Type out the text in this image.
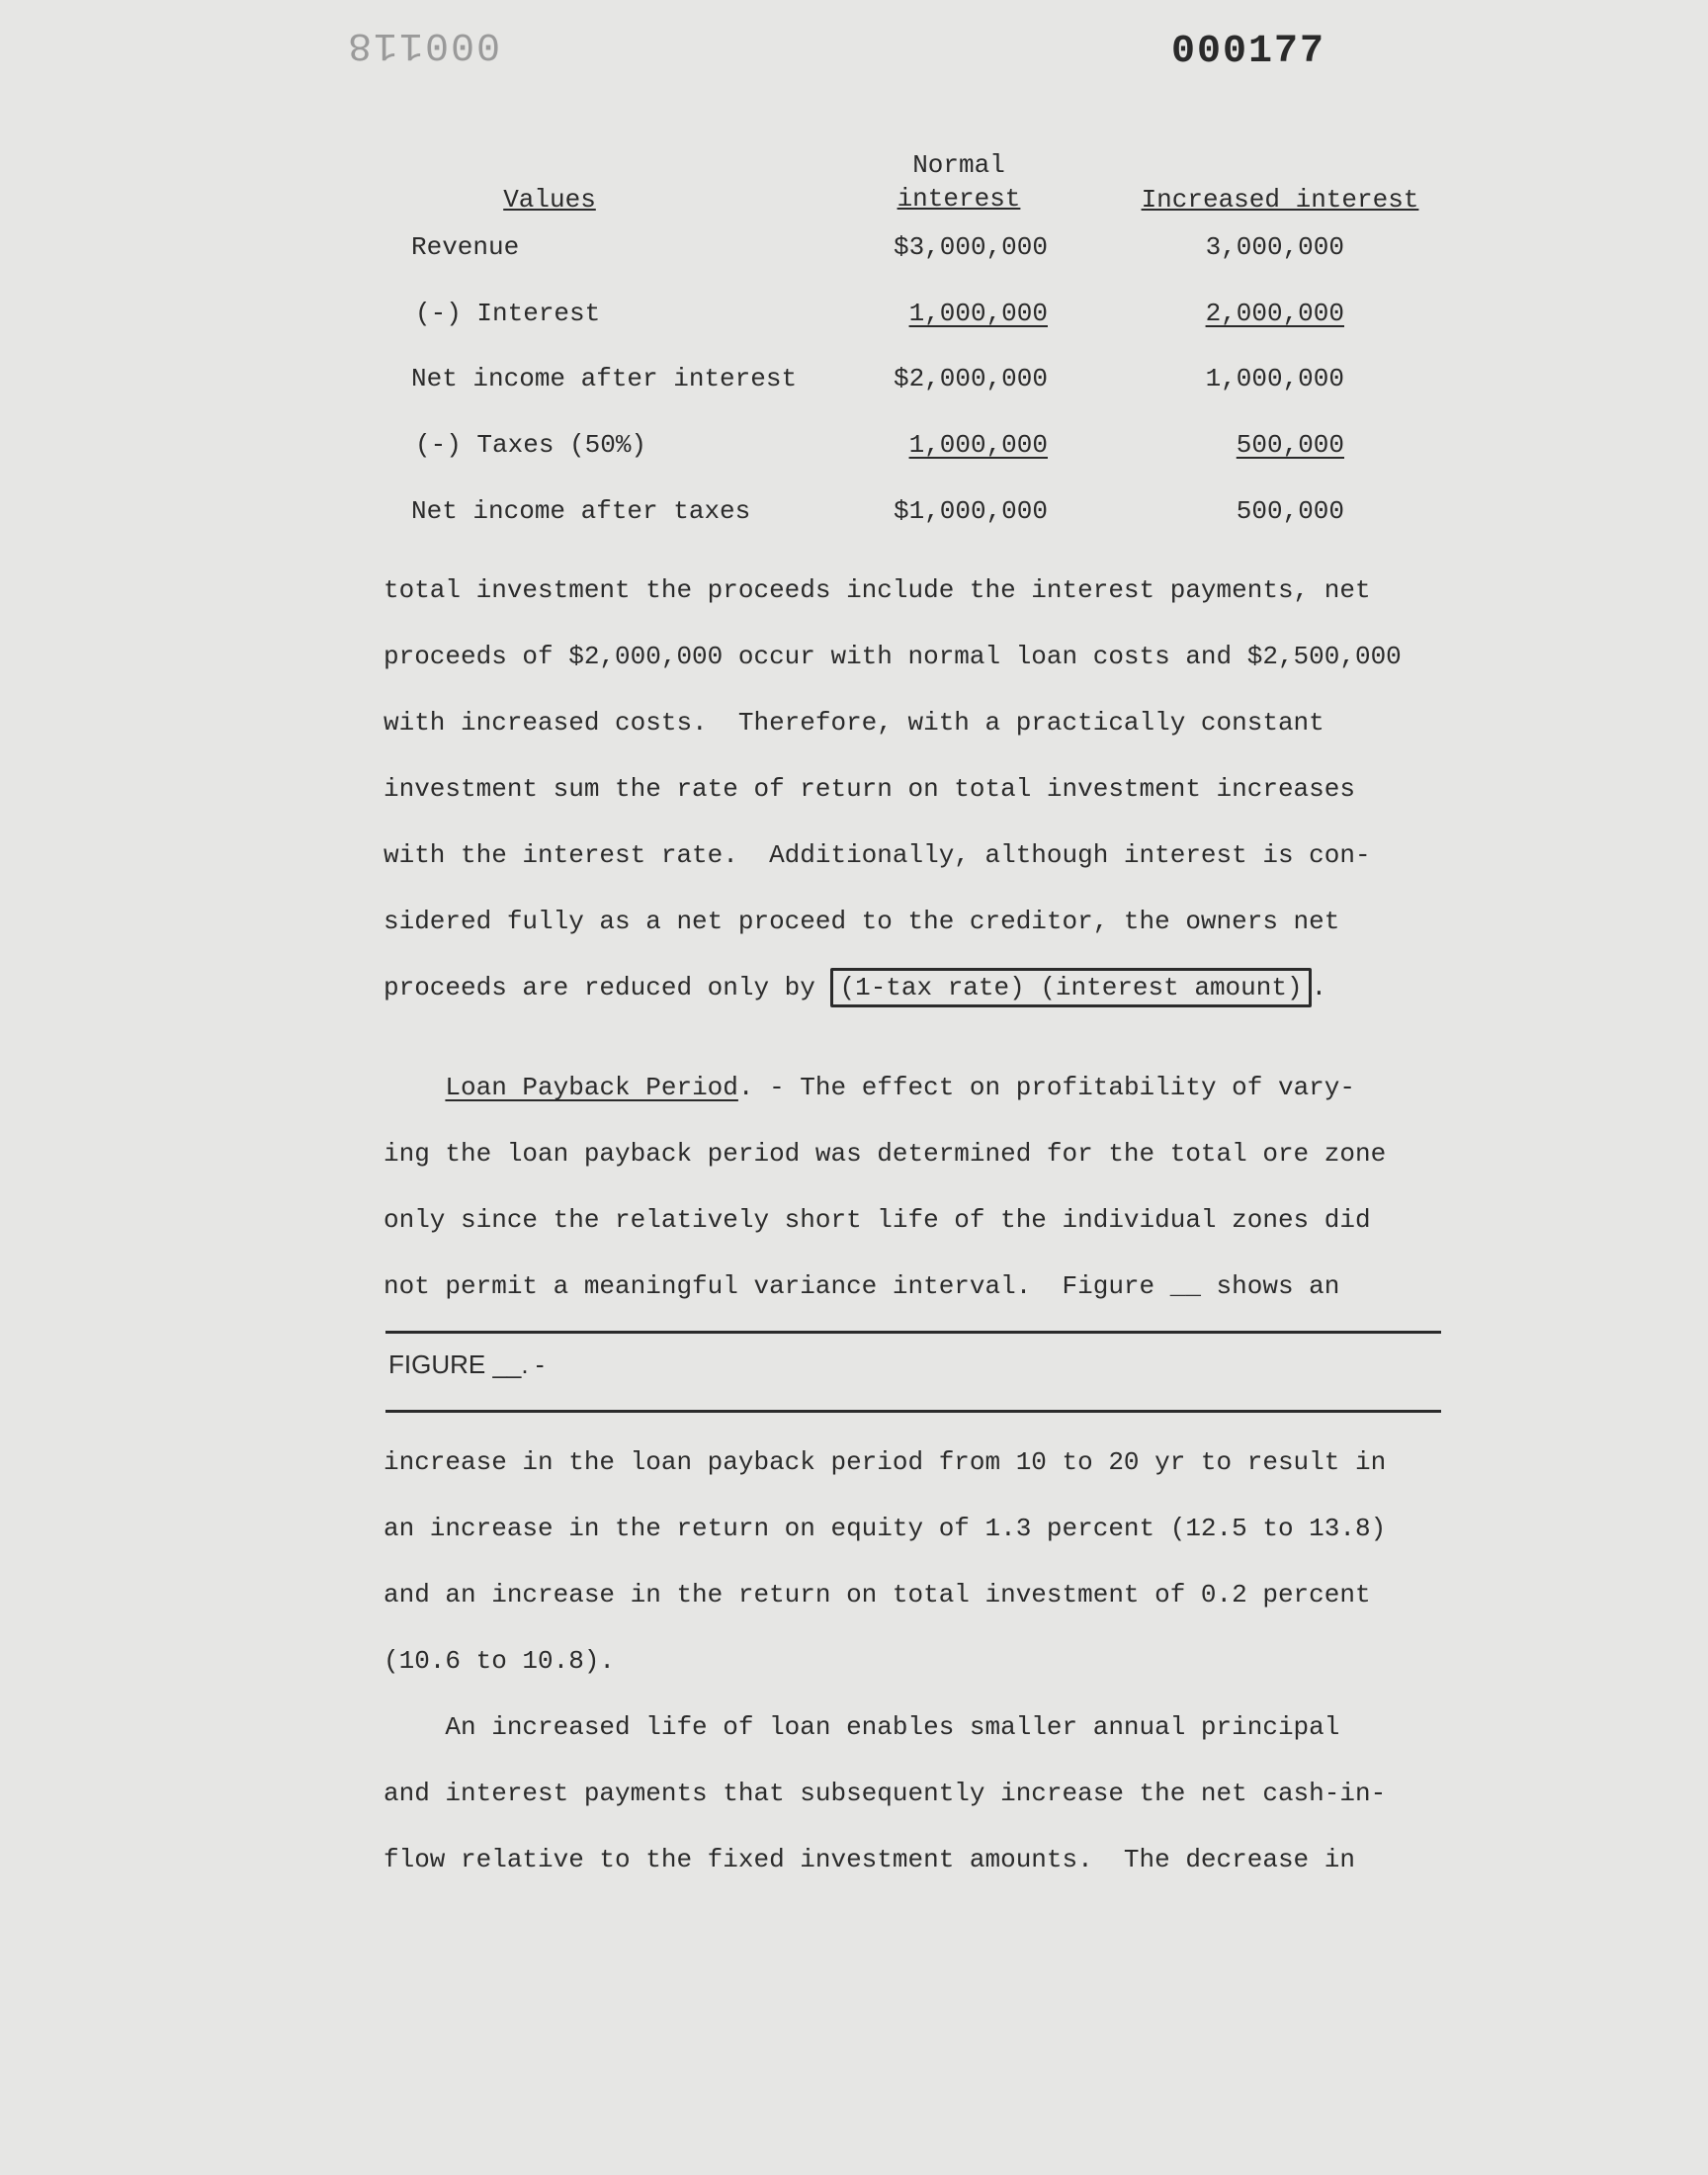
000118	000177
Values
Normal
interest	Increased interest
Revenue	$3,000,000	3,000,000
(-) Interest	1,000,000	2,000,000
Net income after interest	$2,000,000	1,000,000
(-) Taxes (50%)	1,000,000	500,000
Net income after taxes	$1,000,000	500,000
total investment the proceeds include the interest payments, net
proceeds of $2,000,000 occur with normal loan costs and $2,500,000
with increased costs.  Therefore, with a practically constant
investment sum the rate of return on total investment increases
with the interest rate.  Additionally, although interest is con-
sidered fully as a net proceed to the creditor, the owners net
proceeds are reduced only by (1-tax rate) (interest amount) .
Loan Payback Period. - The effect on profitability of vary-
ing the loan payback period was determined for the total ore zone
only since the relatively short life of the individual zones did
not permit a meaningful variance interval.  Figure __ shows an
FIGURE __. -
increase in the loan payback period from 10 to 20 yr to result in
an increase in the return on equity of 1.3 percent (12.5 to 13.8)
and an increase in the return on total investment of 0.2 percent
(10.6 to 10.8).
An increased life of loan enables smaller annual principal
and interest payments that subsequently increase the net cash-in-
flow relative to the fixed investment amounts.  The decrease in
